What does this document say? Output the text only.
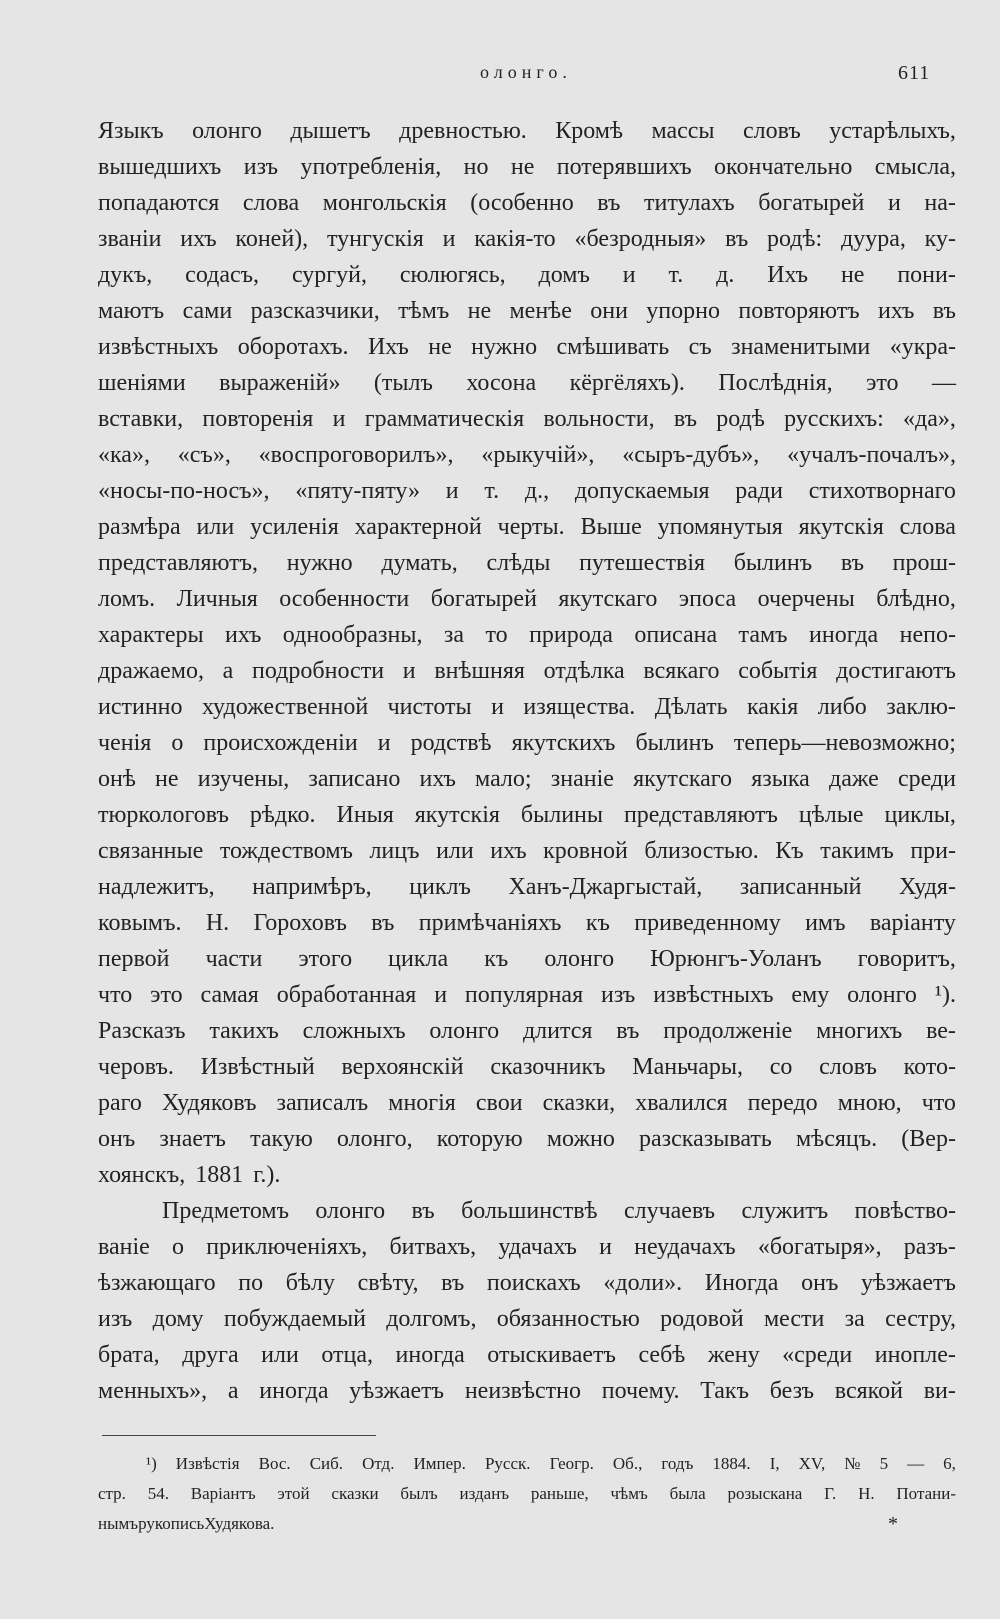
олонго.	611
Языкъ олонго дышетъ древностью. Кромѣ массы словъ устарѣлыхъ,
вышедшихъ изъ употребленія, но не потерявшихъ окончательно смысла,
попадаются слова монгольскія (особенно въ титулахъ богатырей и на-
званіи ихъ коней), тунгускія и какія-то «безродныя» въ родѣ: дуура, ку-
дукъ, содасъ, сургуй, сюлюгясь, домъ и т. д. Ихъ не пони-
маютъ сами разсказчики, тѣмъ не менѣе они упорно повторяютъ ихъ въ
извѣстныхъ оборотахъ. Ихъ не нужно смѣшивать съ знаменитыми «укра-
шеніями выраженій» (тылъ хосона кёргёляхъ). Послѣднія, это —
вставки, повторенія и грамматическія вольности, въ родѣ русскихъ: «да»,
«ка», «съ», «воспроговорилъ», «рыкучій», «сыръ-дубъ», «учалъ-почалъ»,
«носы-по-носъ», «пяту-пяту» и т. д., допускаемыя ради стихотворнаго
размѣра или усиленія характерной черты. Выше упомянутыя якутскія слова
представляютъ, нужно думать, слѣды путешествія былинъ въ прош-
ломъ. Личныя особенности богатырей якутскаго эпоса очерчены блѣдно,
характеры ихъ однообразны, за то природа описана тамъ иногда непо-
дражаемо, а подробности и внѣшняя отдѣлка всякаго событія достигаютъ
истинно художественной чистоты и изящества. Дѣлать какія либо заклю-
ченія о происхожденіи и родствѣ якутскихъ былинъ теперь—невозможно;
онѣ не изучены, записано ихъ мало; знаніе якутскаго языка даже среди
тюркологовъ рѣдко. Иныя якутскія былины представляютъ цѣлые циклы,
связанные тождествомъ лицъ или ихъ кровной близостью. Къ такимъ при-
надлежитъ, напримѣръ, циклъ Ханъ-Джаргыстай, записанный Худя-
ковымъ. Н. Гороховъ въ примѣчаніяхъ къ приведенному имъ варіанту
первой части этого цикла къ олонго Юрюнгъ-Уоланъ говоритъ,
что это самая обработанная и популярная изъ извѣстныхъ ему олонго ¹).
Разсказъ такихъ сложныхъ олонго длится въ продолженіе многихъ ве-
черовъ. Извѣстный верхоянскій сказочникъ Маньчары, со словъ кото-
раго Худяковъ записалъ многія свои сказки, хвалился передо мною, что
онъ знаетъ такую олонго, которую можно разсказывать мѣсяцъ. (Вер-
хоянскъ, 1881 г.).
Предметомъ олонго въ большинствѣ случаевъ служитъ повѣство-
ваніе о приключеніяхъ, битвахъ, удачахъ и неудачахъ «богатыря», разъ-
ѣзжающаго по бѣлу свѣту, въ поискахъ «доли». Иногда онъ уѣзжаетъ
изъ дому побуждаемый долгомъ, обязанностью родовой мести за сестру,
брата, друга или отца, иногда отыскиваетъ себѣ жену «среди инопле-
менныхъ», а иногда уѣзжаетъ неизвѣстно почему. Такъ безъ всякой ви-
¹) Извѣстія Вос. Сиб. Отд. Импер. Русск. Геогр. Об., годъ 1884. I, XV, № 5 — 6,
стр. 54. Варіантъ этой сказки былъ изданъ раньше, чѣмъ была розыскана Г. Н. Потани-
нымъ рукопись Худякова.	*
